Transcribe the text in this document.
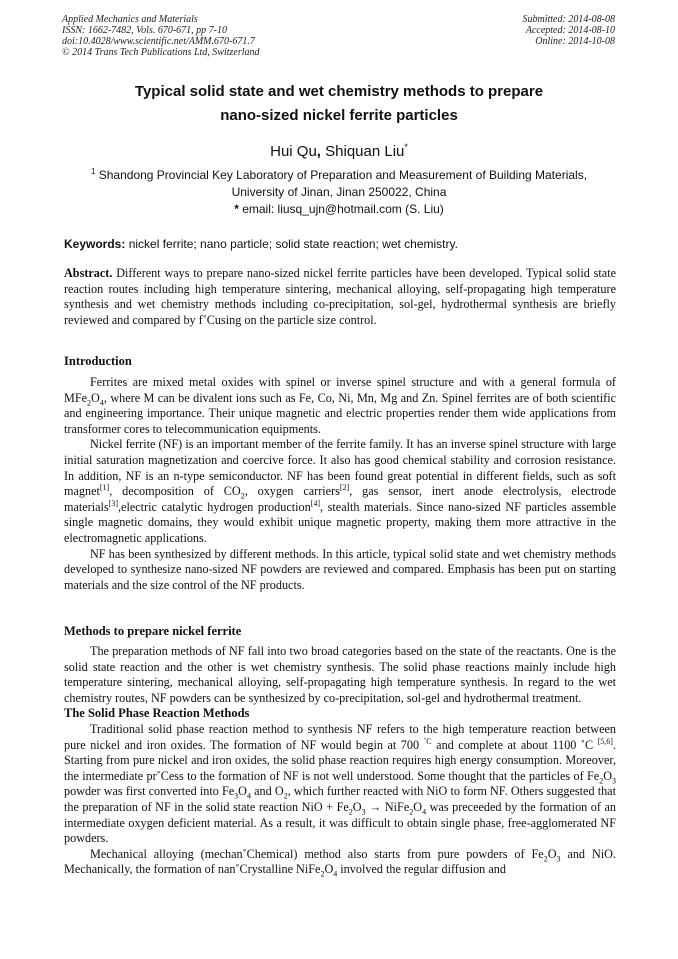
Applied Mechanics and Materials
ISSN: 1662-7482, Vols. 670-671, pp 7-10
doi:10.4028/www.scientific.net/AMM.670-671.7
© 2014 Trans Tech Publications Ltd, Switzerland
Submitted: 2014-08-08
Accepted: 2014-08-10
Online: 2014-10-08
Typical solid state and wet chemistry methods to prepare
nano-sized nickel ferrite particles
Hui Qu, Shiquan Liu*
$^1$ Shandong Provincial Key Laboratory of Preparation and Measurement of Building Materials,
University of Jinan, Jinan 250022, China
* email: liusq_ujn@hotmail.com (S. Liu)
Keywords: nickel ferrite; nano particle; solid state reaction; wet chemistry.

Abstract. Different ways to prepare nano-sized nickel ferrite particles have been developed. Typical solid state reaction routes including high temperature sintering, mechanical alloying, self-propagating high temperature synthesis and wet chemistry methods including co-precipitation, sol-gel, hydrothermal synthesis are briefly reviewed and compared by f˚Cusing on the particle size control.

Introduction

Ferrites are mixed metal oxides with spinel or inverse spinel structure and with a general formula of $MFe_2O_4$, where M can be divalent ions such as Fe, Co, Ni, Mn, Mg and Zn. Spinel ferrites are of both scientific and engineering importance. Their unique magnetic and electric properties render them wide applications from transformer cores to telecommunication equipments.

Nickel ferrite (NF) is an important member of the ferrite family. It has an inverse spinel structure with large initial saturation magnetization and coercive force. It also has good chemical stability and corrosion resistance. In addition, NF is an n-type semiconductor. NF has been found great potential in different fields, such as soft magnet[1], decomposition of $CO_2$, oxygen carriers[2], gas sensor, inert anode electrolysis, electrode materials[3],electric catalytic hydrogen production[4], stealth materials. Since nano-sized NF particles assemble single magnetic domains, they would exhibit unique magnetic property, making them more attractive in the electromagnetic applications.

NF has been synthesized by different methods. In this article, typical solid state and wet chemistry methods developed to synthesize nano-sized NF powders are reviewed and compared. Emphasis has been put on starting materials and the size control of the NF products.

Methods to prepare nickel ferrite

The preparation methods of NF fall into two broad categories based on the state of the reactants. One is the solid state reaction and the other is wet chemistry synthesis. The solid phase reactions mainly include high temperature sintering, mechanical alloying, self-propagating high temperature synthesis. In regard to the wet chemistry routes, NF powders can be synthesized by co-precipitation, sol-gel and hydrothermal treatment.

The Solid Phase Reaction Methods

Traditional solid phase reaction method to synthesis NF refers to the high temperature reaction between pure nickel and iron oxides. The formation of NF would begin at 700 $^{˚C}$ and complete at about 1100 ˚C [5,6]. Starting from pure nickel and iron oxides, the solid phase reaction requires high energy consumption. Moreover, the intermediate pr˚Cess to the formation of NF is not well understood. Some thought that the particles of $Fe_2O_3$ powder was first converted into $Fe_3O_4$ and $O_2$, which further reacted with NiO to form NF. Others suggested that the preparation of NF in the solid state reaction NiO + $Fe_2O_3$ → $NiFe_2O_4$ was preceeded by the formation of an intermediate oxygen deficient material. As a result, it was difficult to obtain single phase, free-agglomerated NF powders.

Mechanical alloying (mechan˚Chemical) method also starts from pure powders of $Fe_2O_3$ and NiO. Mechanically, the formation of nan˚Crystalline $NiFe_2O_4$ involved the regular diffusion and
